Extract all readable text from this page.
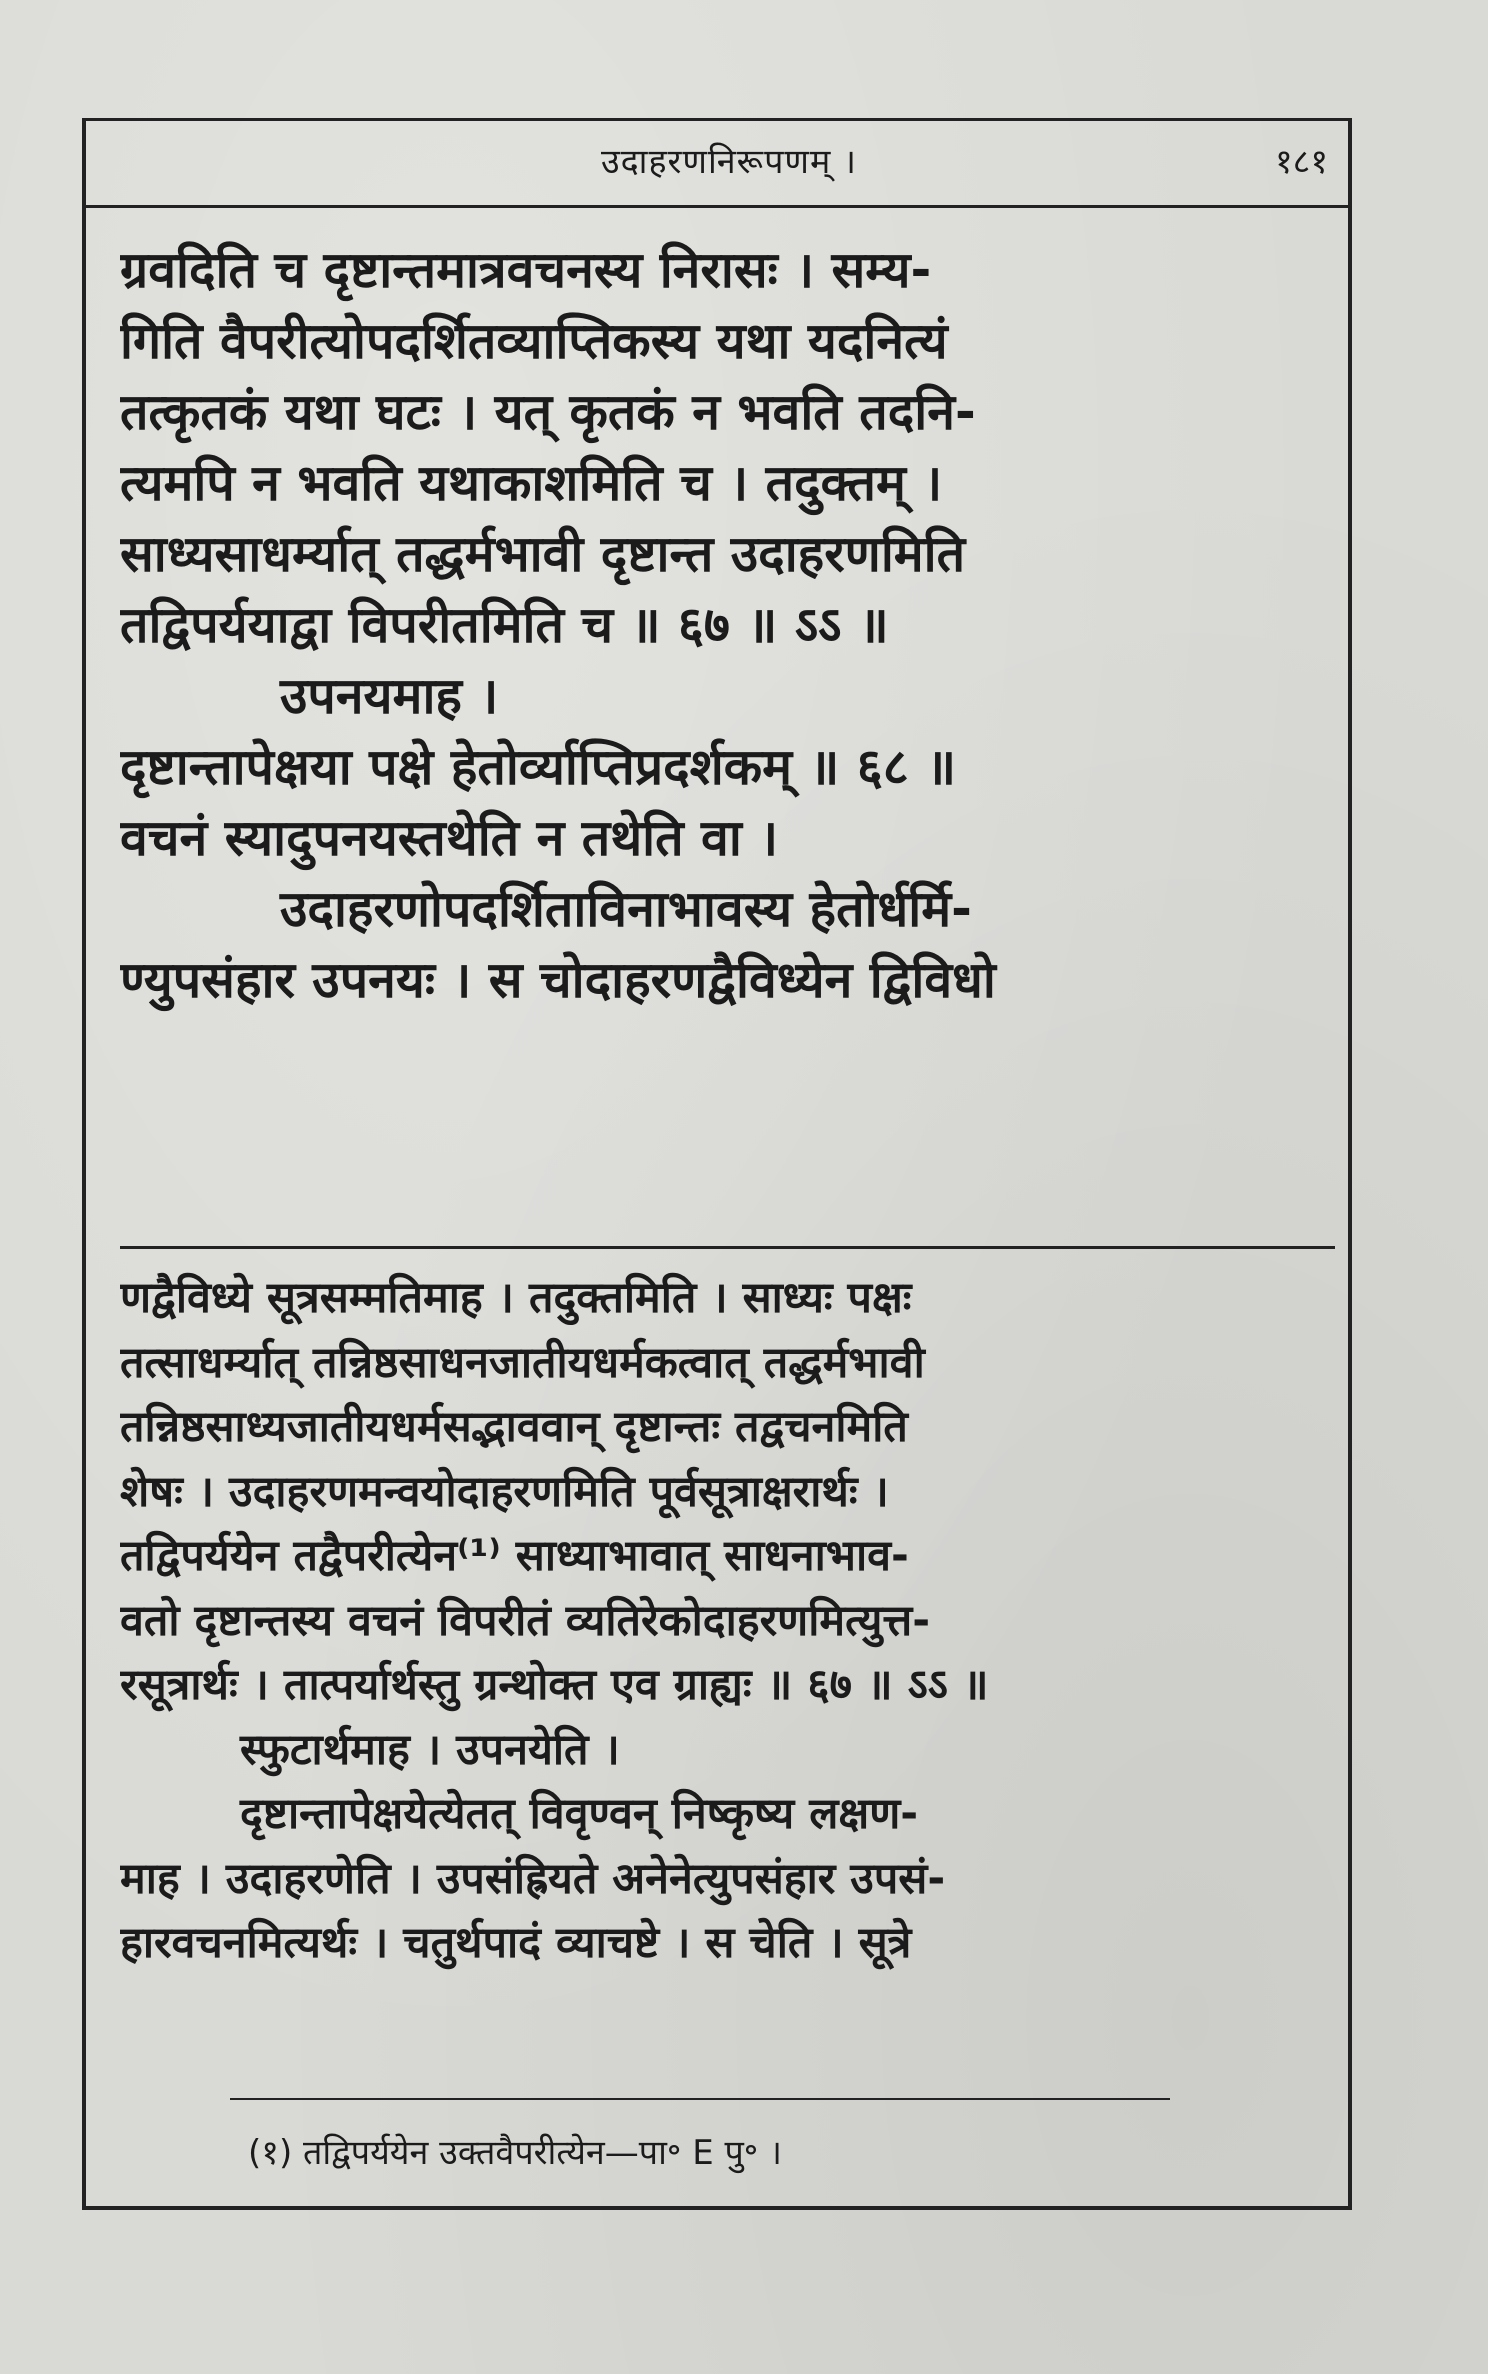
उदाहरणनिरूपणम् ।	१८१

ग्रवदिति च दृष्टान्तमात्रवचनस्य निरासः । सम्य-

गिति वैपरीत्योपदर्शितव्याप्तिकस्य यथा यदनित्यं

तत्कृतकं यथा घटः । यत् कृतकं न भवति तदनि-

त्यमपि न भवति यथाकाशमिति च । तदुक्तम् ।

साध्यसाधर्म्यात् तद्धर्मभावी दृष्टान्त उदाहरणमिति

तद्विपर्ययाद्वा विपरीतमिति च ॥ ६७ ॥ ऽऽ ॥

उपनयमाह ।

दृष्टान्तापेक्षया पक्षे हेतोर्व्याप्तिप्रदर्शकम् ॥ ६८ ॥

वचनं स्यादुपनयस्तथेति न तथेति वा ।

उदाहरणोपदर्शिताविनाभावस्य हेतोर्धर्मि-

ण्युपसंहार उपनयः । स चोदाहरणद्वैविध्येन द्विविधो

णद्वैविध्ये सूत्रसम्मतिमाह । तदुक्तमिति । साध्यः पक्षः

तत्साधर्म्यात् तन्निष्ठसाधनजातीयधर्मकत्वात् तद्धर्मभावी

तन्निष्ठसाध्यजातीयधर्मसद्भाववान् दृष्टान्तः तद्वचनमिति

शेषः । उदाहरणमन्वयोदाहरणमिति पूर्वसूत्राक्षरार्थः ।

तद्विपर्ययेन तद्वैपरीत्येन⁽¹⁾ साध्याभावात् साधनाभाव-

वतो दृष्टान्तस्य वचनं विपरीतं व्यतिरेकोदाहरणमित्युत्त-

रसूत्रार्थः । तात्पर्यार्थस्तु ग्रन्थोक्त एव ग्राह्यः ॥ ६७ ॥ ऽऽ ॥

स्फुटार्थमाह । उपनयेति ।

दृष्टान्तापेक्षयेत्येतत् विवृण्वन् निष्कृष्य लक्षण-

माह । उदाहरणेति । उपसंह्रियते अनेनेत्युपसंहार उपसं-

हारवचनमित्यर्थः । चतुर्थपादं व्याचष्टे । स चेति । सूत्रे

(१) तद्विपर्ययेन उक्तवैपरीत्येन—पा॰ E पु॰ ।
